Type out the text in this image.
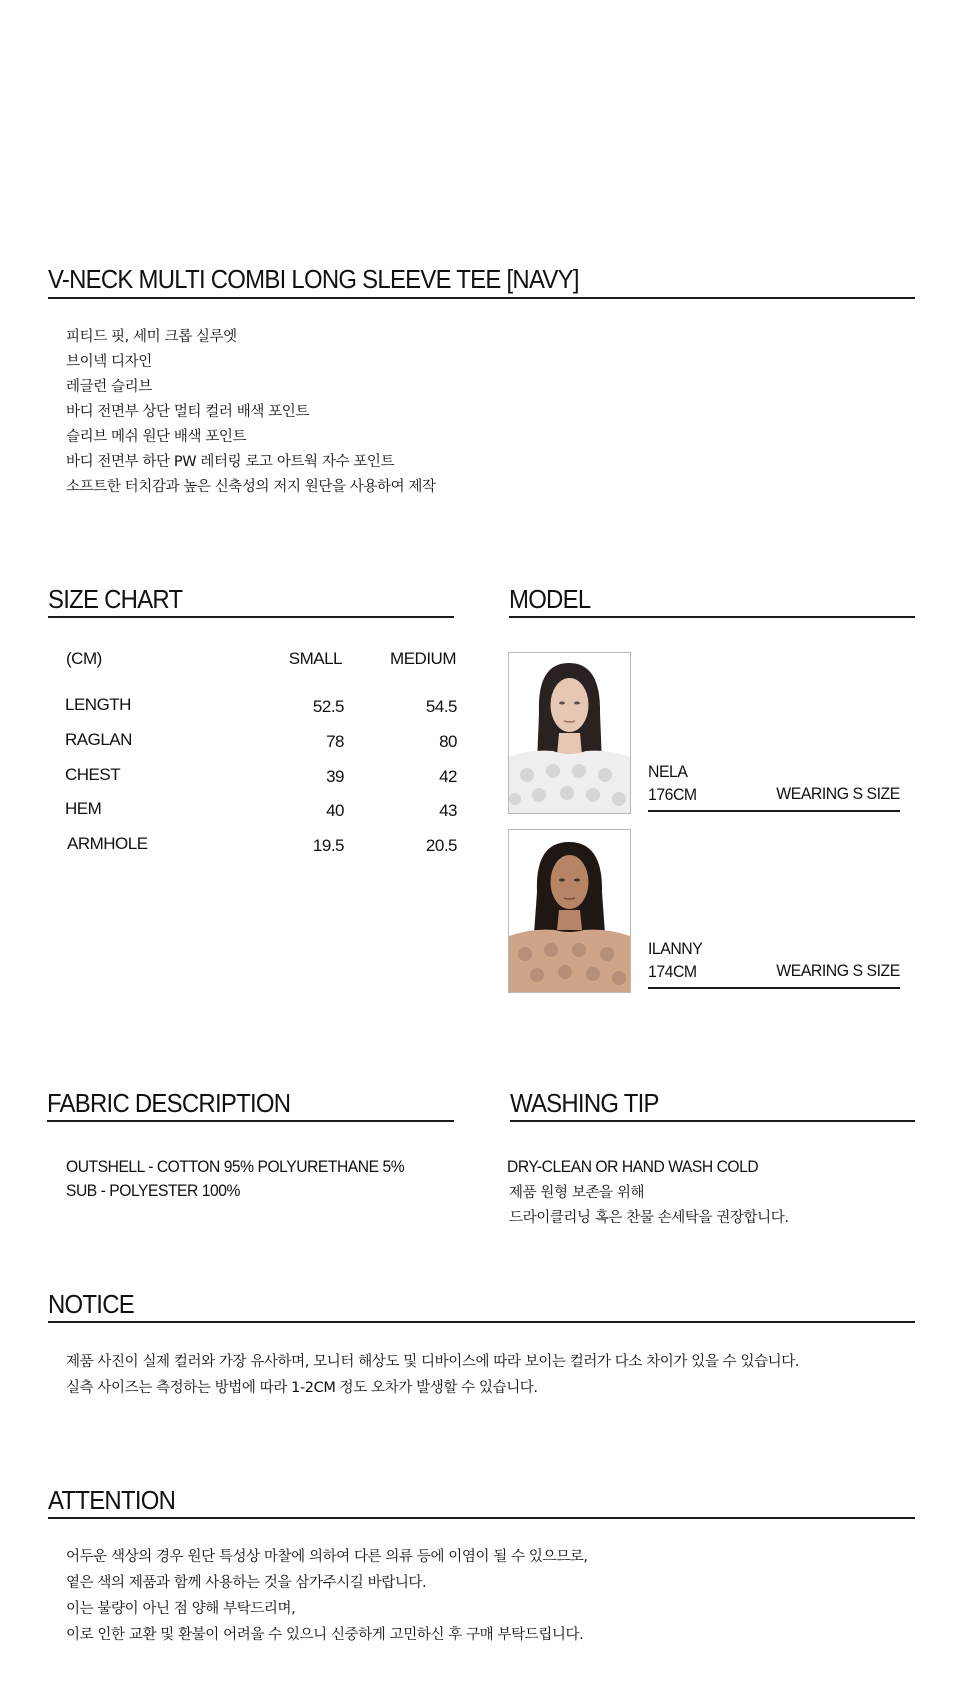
V-NECK MULTI COMBI LONG SLEEVE TEE [NAVY]
피티드 핏, 세미 크롭 실루엣
브이넥 디자인
레글런 슬리브
바디 전면부 상단 멀티 컬러 배색 포인트
슬리브 메쉬 원단 배색 포인트
바디 전면부 하단 PW 레터링 로고 아트웍 자수 포인트
소프트한 터치감과 높은 신축성의 저지 원단을 사용하여 제작
SIZE CHART
(CM)	SMALL	MEDIUM
LENGTH	52.5	54.5
RAGLAN	78	80
CHEST	39	42
HEM	40	43
ARMHOLE	19.5	20.5
MODEL
NELA
176CM	WEARING S SIZE
ILANNY
174CM	WEARING S SIZE
FABRIC DESCRIPTION
OUTSHELL - COTTON 95% POLYURETHANE 5%
SUB - POLYESTER 100%
WASHING TIP
DRY-CLEAN OR HAND WASH COLD
제품 원형 보존을 위해
드라이클리닝 혹은 찬물 손세탁을 권장합니다.
NOTICE
제품 사진이 실제 컬러와 가장 유사하며, 모니터 해상도 및 디바이스에 따라 보이는 컬러가 다소 차이가 있을 수 있습니다.
실측 사이즈는 측정하는 방법에 따라 1-2CM 정도 오차가 발생할 수 있습니다.
ATTENTION
어두운 색상의 경우 원단 특성상 마찰에 의하여 다른 의류 등에 이염이 될 수 있으므로,
옅은 색의 제품과 함께 사용하는 것을 삼가주시길 바랍니다.
이는 불량이 아닌 점 양해 부탁드리며,
이로 인한 교환 및 환불이 어려울 수 있으니 신중하게 고민하신 후 구매 부탁드립니다.
